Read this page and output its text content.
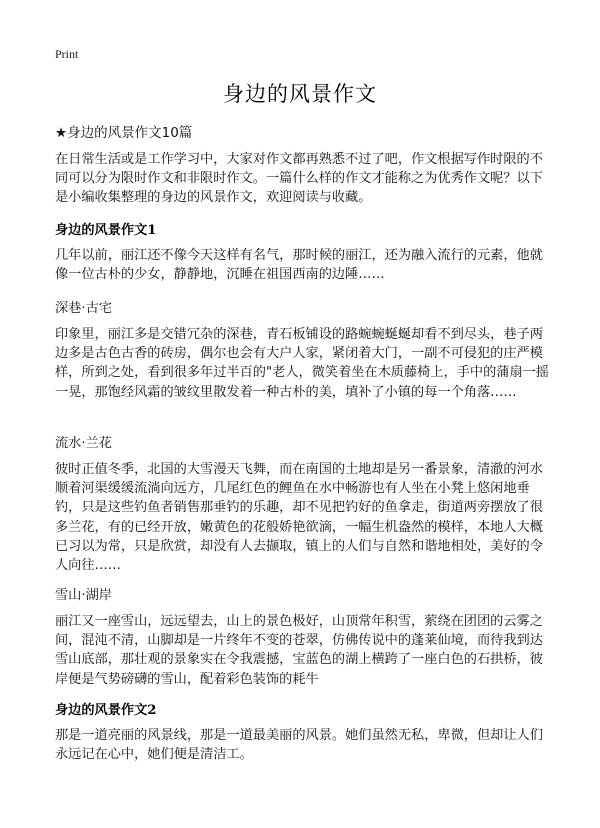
Print
身边的风景作文
★身边的风景作文10篇

在日常生活或是工作学习中，大家对作文都再熟悉不过了吧，作文根据写作时限的不同可以分为限时作文和非限时作文。一篇什么样的作文才能称之为优秀作文呢？以下是小编收集整理的身边的风景作文，欢迎阅读与收藏。

身边的风景作文1

几年以前，丽江还不像今天这样有名气，那时候的丽江，还为融入流行的元素，他就像一位古朴的少女，静静地，沉睡在祖国西南的边陲……

深巷·古宅

印象里，丽江多是交错冗杂的深巷，青石板铺设的路蜿蜿蜒蜒却看不到尽头，巷子两边多是古色古香的砖房，偶尔也会有大户人家，紧闭着大门，一副不可侵犯的庄严模样，所到之处，看到很多年过半百的"老人，微笑着坐在木质藤椅上，手中的蒲扇一摇一晃，那饱经风霜的皱纹里散发着一种古朴的美，填补了小镇的每一个角落……

流水·兰花

彼时正值冬季，北国的大雪漫天飞舞，而在南国的土地却是另一番景象，清澈的河水顺着河渠缓缓流淌向远方，几尾红色的鲤鱼在水中畅游也有人坐在小凳上悠闲地垂钓，只是这些钓鱼者销售那垂钓的乐趣，却不见把钓好的鱼拿走，街道两旁摆放了很多兰花，有的已经开放，嫩黄色的花般娇艳欲滴，一幅生机盎然的模样，本地人大概已习以为常，只是欣赏，却没有人去撷取，镇上的人们与自然和谐地相处，美好的令人向往……

雪山·湖岸

丽江又一座雪山，远远望去，山上的景色极好，山顶常年积雪，萦绕在团团的云雾之间，混沌不清，山脚却是一片终年不变的苍翠，仿佛传说中的蓬莱仙境，而待我到达雪山底部，那壮观的景象实在令我震撼，宝蓝色的湖上横跨了一座白色的石拱桥，彼岸便是气势磅礴的雪山，配着彩色装饰的耗牛

身边的风景作文2

那是一道亮丽的风景线，那是一道最美丽的风景。她们虽然无私，卑微，但却让人们永远记在心中，她们便是清洁工。
